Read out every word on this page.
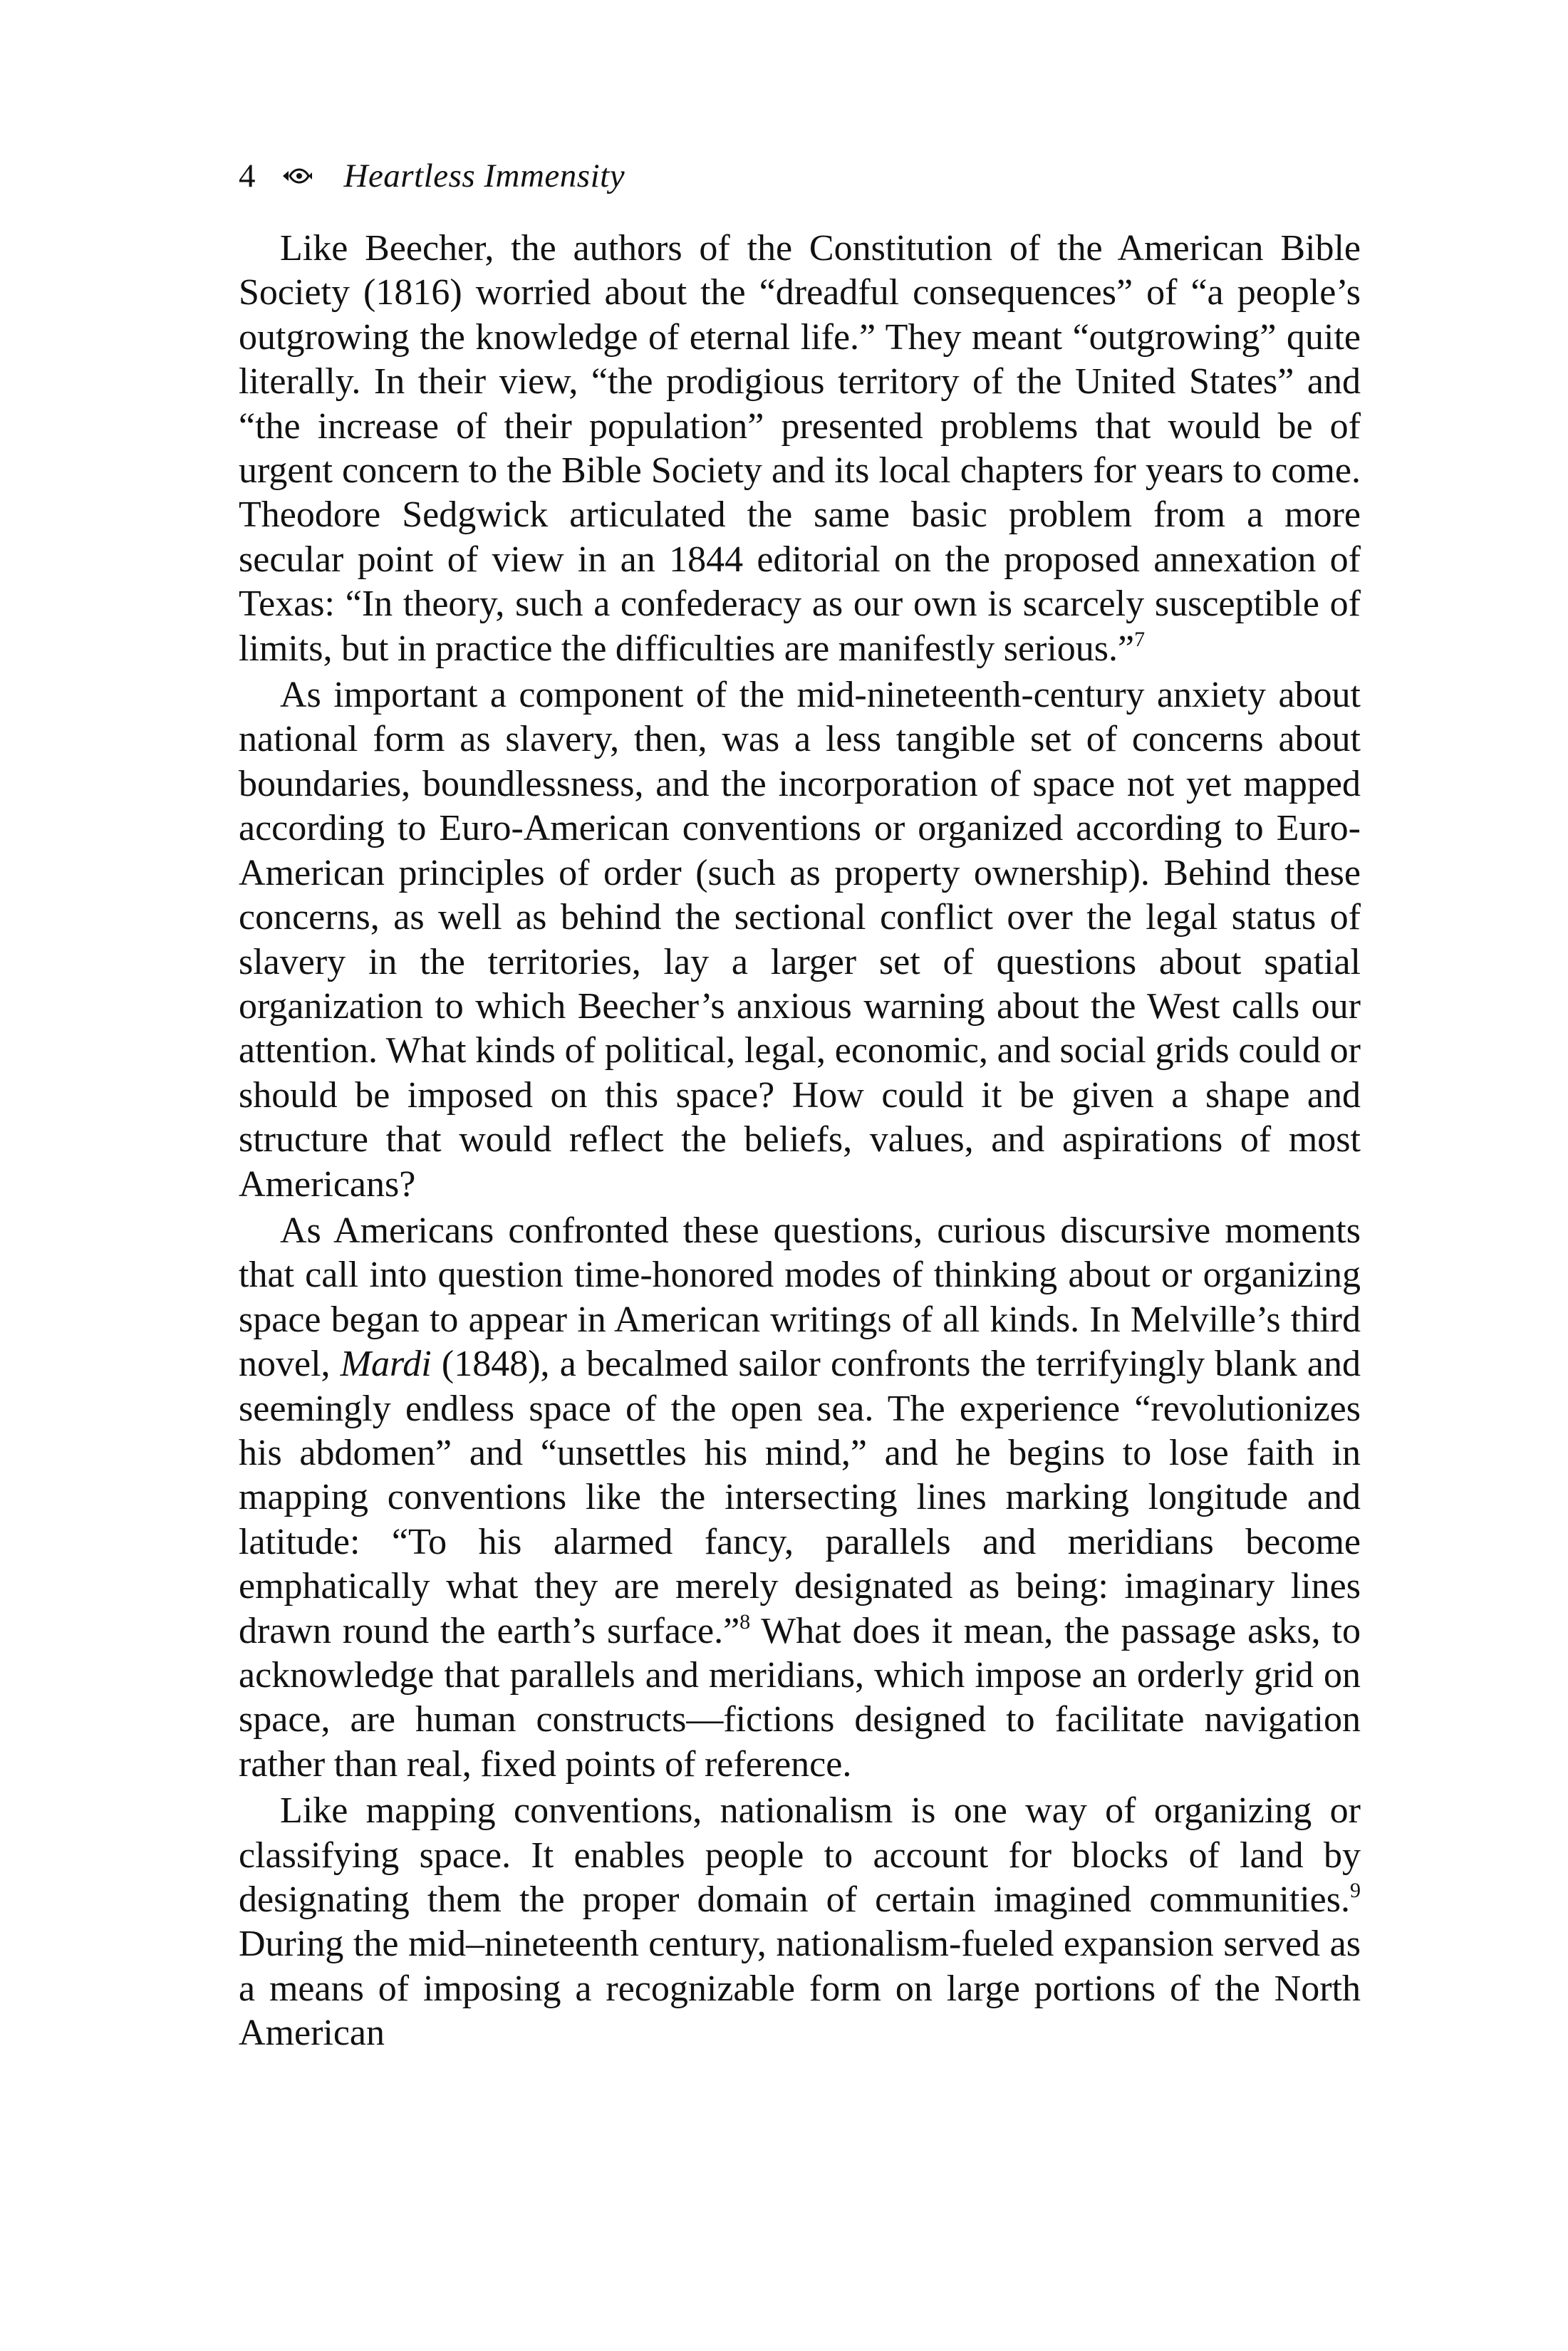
4	Heartless Immensity

Like Beecher, the authors of the Constitution of the American Bible Society (1816) worried about the “dreadful consequences” of “a people’s outgrowing the knowledge of eternal life.” They meant “outgrowing” quite literally. In their view, “the prodigious territory of the United States” and “the increase of their population” presented problems that would be of urgent concern to the Bible Society and its local chapters for years to come. Theodore Sedgwick articulated the same basic problem from a more secular point of view in an 1844 editorial on the proposed annexation of Texas: “In theory, such a confederacy as our own is scarcely susceptible of limits, but in practice the difficulties are manifestly serious.”$^7$

As important a component of the mid-nineteenth-century anxiety about national form as slavery, then, was a less tangible set of concerns about boundaries, boundlessness, and the incorporation of space not yet mapped according to Euro-American conventions or organized according to Euro-American principles of order (such as property ownership). Behind these concerns, as well as behind the sectional conflict over the legal status of slavery in the territories, lay a larger set of questions about spatial organization to which Beecher’s anxious warning about the West calls our attention. What kinds of political, legal, economic, and social grids could or should be imposed on this space? How could it be given a shape and structure that would reflect the beliefs, values, and aspirations of most Americans?

As Americans confronted these questions, curious discursive moments that call into question time-honored modes of thinking about or organizing space began to appear in American writings of all kinds. In Melville’s third novel, Mardi (1848), a becalmed sailor confronts the terrifyingly blank and seemingly endless space of the open sea. The experience “revolutionizes his abdomen” and “unsettles his mind,” and he begins to lose faith in mapping conventions like the intersecting lines marking longitude and latitude: “To his alarmed fancy, parallels and meridians become emphatically what they are merely designated as being: imaginary lines drawn round the earth’s surface.”$^8$ What does it mean, the passage asks, to acknowledge that parallels and meridians, which impose an orderly grid on space, are human constructs—fictions designed to facilitate navigation rather than real, fixed points of reference.

Like mapping conventions, nationalism is one way of organizing or classifying space. It enables people to account for blocks of land by designating them the proper domain of certain imagined communities.$^9$ During the mid–nineteenth century, nationalism-fueled expansion served as a means of imposing a recognizable form on large portions of the North American
